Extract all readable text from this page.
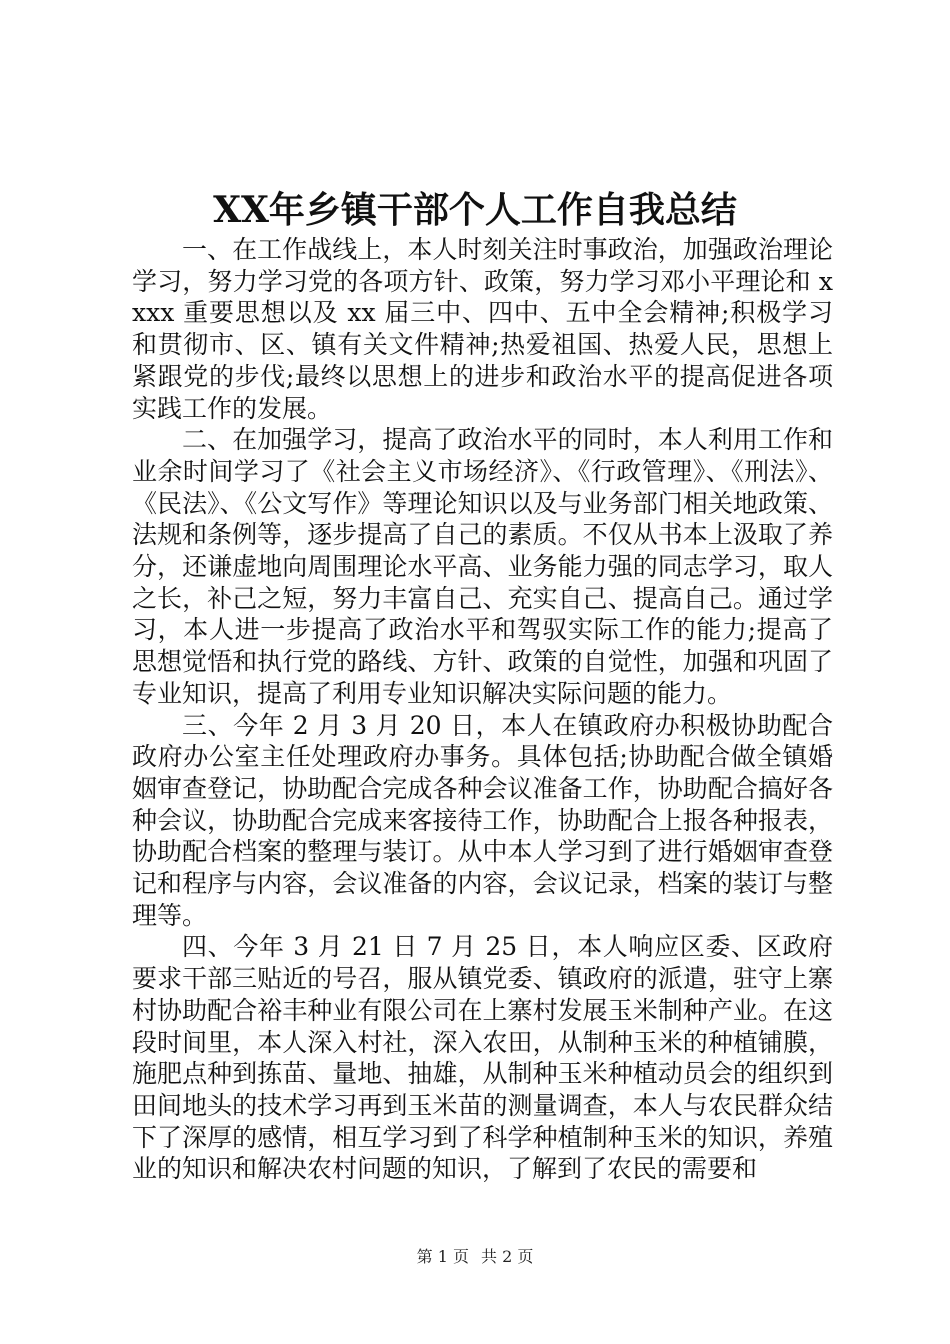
XX年乡镇干部个人工作自我总结

一、在工作战线上，本人时刻关注时事政治，加强政治理论学习，努力学习党的各项方针、政策，努力学习邓小平理论和 xxxx 重要思想以及 xx 届三中、四中、五中全会精神;积极学习和贯彻市、区、镇有关文件精神;热爱祖国、热爱人民，思想上紧跟党的步伐;最终以思想上的进步和政治水平的提高促进各项实践工作的发展。

二、在加强学习，提高了政治水平的同时，本人利用工作和业余时间学习了《社会主义市场经济》、《行政管理》、《刑法》、《民法》、《公文写作》等理论知识以及与业务部门相关地政策、法规和条例等，逐步提高了自己的素质。不仅从书本上汲取了养分，还谦虚地向周围理论水平高、业务能力强的同志学习，取人之长，补己之短，努力丰富自己、充实自己、提高自己。通过学习，本人进一步提高了政治水平和驾驭实际工作的能力;提高了思想觉悟和执行党的路线、方针、政策的自觉性，加强和巩固了专业知识，提高了利用专业知识解决实际问题的能力。

三、今年 2 月 3 月 20 日，本人在镇政府办积极协助配合政府办公室主任处理政府办事务。具体包括;协助配合做全镇婚姻审查登记，协助配合完成各种会议准备工作，协助配合搞好各种会议，协助配合完成来客接待工作，协助配合上报各种报表，协助配合档案的整理与装订。从中本人学习到了进行婚姻审查登记和程序与内容，会议准备的内容，会议记录，档案的装订与整理等。

四、今年 3 月 21 日 7 月 25 日，本人响应区委、区政府要求干部三贴近的号召，服从镇党委、镇政府的派遣，驻守上寨村协助配合裕丰种业有限公司在上寨村发展玉米制种产业。在这段时间里，本人深入村社，深入农田，从制种玉米的种植铺膜，施肥点种到拣苗、量地、抽雄，从制种玉米种植动员会的组织到田间地头的技术学习再到玉米苗的测量调查，本人与农民群众结下了深厚的感情，相互学习到了科学种植制种玉米的知识，养殖业的知识和解决农村问题的知识，了解到了农民的需要和

第 1 页 共 2 页
